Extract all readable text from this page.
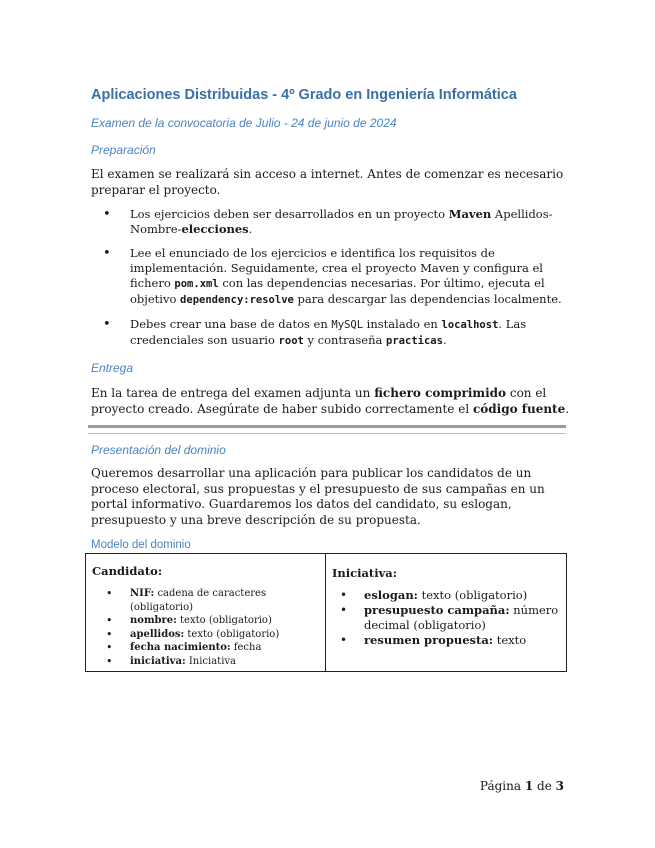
Aplicaciones Distribuidas - 4º Grado en Ingeniería Informática
Examen de la convocatoria de Julio - 24 de junio de 2024
Preparación
El examen se realizará sin acceso a internet. Antes de comenzar es necesario preparar el proyecto.
• Los ejercicios deben ser desarrollados en un proyecto Maven Apellidos-Nombre-elecciones.
• Lee el enunciado de los ejercicios e identifica los requisitos de implementación. Seguidamente, crea el proyecto Maven y configura el fichero pom.xml con las dependencias necesarias. Por último, ejecuta el objetivo dependency:resolve para descargar las dependencias localmente.
• Debes crear una base de datos en MySQL instalado en localhost. Las credenciales son usuario root y contraseña practicas.
Entrega
En la tarea de entrega del examen adjunta un fichero comprimido con el proyecto creado. Asegúrate de haber subido correctamente el código fuente.
Presentación del dominio
Queremos desarrollar una aplicación para publicar los candidatos de un proceso electoral, sus propuestas y el presupuesto de sus campañas en un portal informativo. Guardaremos los datos del candidato, su eslogan, presupuesto y una breve descripción de su propuesta.
Modelo del dominio
Candidato:
• NIF: cadena de caracteres (obligatorio)
• nombre: texto (obligatorio)
• apellidos: texto (obligatorio)
• fecha nacimiento: fecha
• iniciativa: Iniciativa

Iniciativa:
• eslogan: texto (obligatorio)
• presupuesto campaña: número decimal (obligatorio)
• resumen propuesta: texto
Página 1 de 3
